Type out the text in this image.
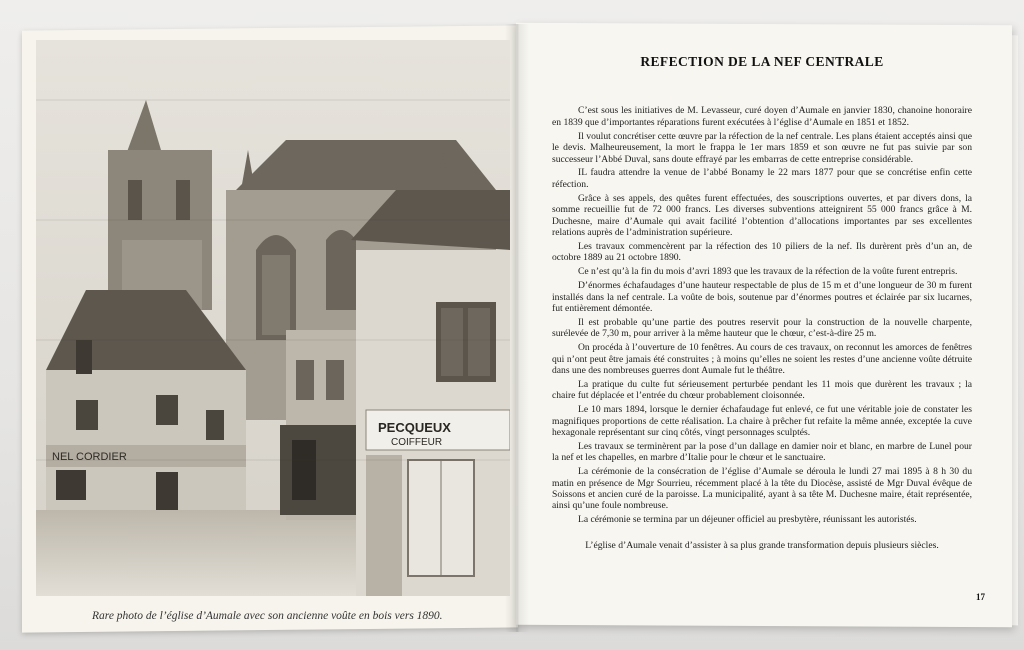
NEL CORDIER
PECQUEUX
COIFFEUR
Rare photo de l’église d’Aumale avec son ancienne voûte en bois vers 1890.
REFECTION DE LA NEF CENTRALE

C’est sous les initiatives de M. Levasseur, curé doyen d’Aumale en janvier 1830, chanoine honoraire en 1839 que d’importantes réparations furent exécutées à l’église d’Aumale en 1851 et 1852.

Il voulut concrétiser cette œuvre par la réfection de la nef centrale. Les plans étaient acceptés ainsi que le devis. Malheureusement, la mort le frappa le 1er mars 1859 et son œuvre ne fut pas suivie par son successeur l’Abbé Duval, sans doute effrayé par les embarras de cette entreprise considérable.

IL faudra attendre la venue de l’abbé Bonamy le 22 mars 1877 pour que se concrétise enfin cette réfection.

Grâce à ses appels, des quêtes furent effectuées, des souscriptions ouvertes, et par divers dons, la somme recueillie fut de 72 000 francs. Les diverses subventions atteignirent 55 000 francs grâce à M. Duchesne, maire d’Aumale qui avait facilité l’obtention d’allocations importantes par ses excellentes relations auprès de l’administration supérieure.

Les travaux commencèrent par la réfection des 10 piliers de la nef. Ils durèrent près d’un an, de octobre 1889 au 21 octobre 1890.

Ce n’est qu’à la fin du mois d’avri 1893 que les travaux de la réfection de la voûte furent entrepris.

D’énormes échafaudages d’une hauteur respectable de plus de 15 m et d’une longueur de 30 m furent installés dans la nef centrale. La voûte de bois, soutenue par d’énormes poutres et éclairée par six lucarnes, fut entièrement démontée.

Il est probable qu’une partie des poutres reservit pour la construction de la nouvelle charpente, surélevée de 7,30 m, pour arriver à la même hauteur que le chœur, c’est-à-dire 25 m.

On procéda à l’ouverture de 10 fenêtres. Au cours de ces travaux, on reconnut les amorces de fenêtres qui n’ont peut être jamais été construites ; à moins qu’elles ne soient les restes d’une ancienne voûte détruite dans une des nombreuses guerres dont Aumale fut le théâtre.

La pratique du culte fut sérieusement perturbée pendant les 11 mois que durèrent les travaux ; la chaire fut déplacée et l’entrée du chœur probablement cloisonnée.

Le 10 mars 1894, lorsque le dernier échafaudage fut enlevé, ce fut une véritable joie de constater les magnifiques proportions de cette réalisation. La chaire à prêcher fut refaite la même année, exceptée la cuve hexagonale représentant sur cinq côtés, vingt personnages sculptés.

Les travaux se terminèrent par la pose d’un dallage en damier noir et blanc, en marbre de Lunel pour la nef et les chapelles, en marbre d’Italie pour le chœur et le sanctuaire.

La cérémonie de la consécration de l’église d’Aumale se déroula le lundi 27 mai 1895 à 8 h 30 du matin en présence de Mgr Sourrieu, récemment placé à la tête du Diocèse, assisté de Mgr Duval évêque de Soissons et ancien curé de la paroisse. La municipalité, ayant à sa tête M. Duchesne maire, était représentée, ainsi qu’une foule nombreuse.

La cérémonie se termina par un déjeuner officiel au presbytère, réunissant les autoristés.

L’église d’Aumale venait d’assister à sa plus grande transformation depuis plusieurs siècles.

17
